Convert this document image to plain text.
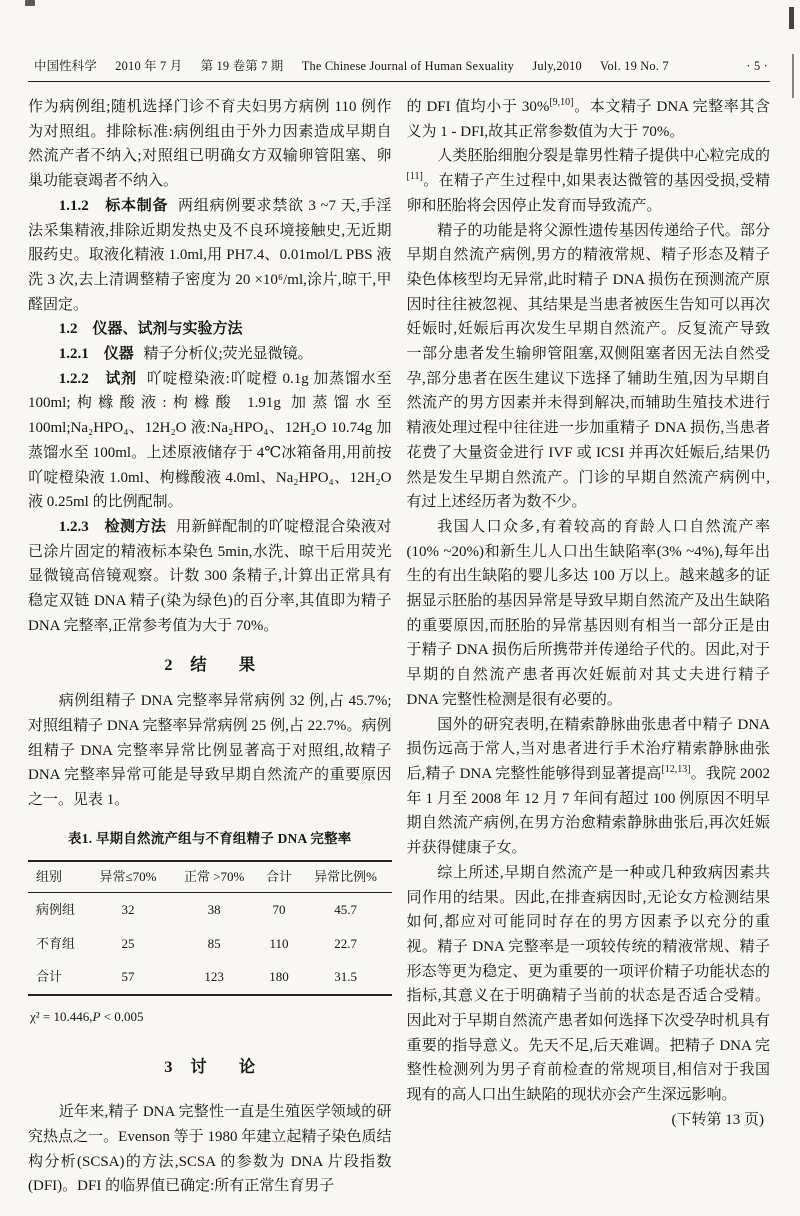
中国性科学 2010 年 7 月 第 19 卷第 7 期 The Chinese Journal of Human Sexuality July,2010 Vol. 19 No. 7	· 5 ·

作为病例组;随机选择门诊不育夫妇男方病例 110 例作为对照组。排除标准:病例组由于外力因素造成早期自然流产者不纳入;对照组已明确女方双输卵管阻塞、卵巢功能衰竭者不纳入。

1.1.2　标本制备 两组病例要求禁欲 3 ~7 天,手淫法采集精液,排除近期发热史及不良环境接触史,无近期服药史。取液化精液 1.0ml,用 PH7.4、0.01mol/L PBS 液洗 3 次,去上清调整精子密度为 20 ×10⁶/ml,涂片,晾干,甲醛固定。

1.2　仪器、试剂与实验方法

1.2.1　仪器 精子分析仪;荧光显微镜。

1.2.2　试剂 吖啶橙染液:吖啶橙 0.1g 加蒸馏水至 100ml;枸橼酸液:枸橼酸 1.91g 加蒸馏水至 100ml;Na₂HPO₄、12H₂O 液:Na₂HPO₄、12H₂O 10.74g 加蒸馏水至 100ml。上述原液储存于 4℃冰箱备用,用前按吖啶橙染液 1.0ml、枸橼酸液 4.0ml、Na₂HPO₄、12H₂O 液 0.25ml 的比例配制。

1.2.3　检测方法 用新鲜配制的吖啶橙混合染液对已涂片固定的精液标本染色 5min,水洗、晾干后用荧光显微镜高倍镜观察。计数 300 条精子,计算出正常具有稳定双链 DNA 精子(染为绿色)的百分率,其值即为精子 DNA 完整率,正常参考值为大于 70%。

2 结　　果

病例组精子 DNA 完整率异常病例 32 例,占 45.7%;对照组精子 DNA 完整率异常病例 25 例,占 22.7%。病例组精子 DNA 完整率异常比例显著高于对照组,故精子 DNA 完整率异常可能是导致早期自然流产的重要原因之一。见表 1。

表1. 早期自然流产组与不育组精子 DNA 完整率
组别	异常≤70%	正常 >70%	合计	异常比例%
病例组	32	38	70	45.7
不育组	25	85	110	22.7
合计	57	123	180	31.5
χ² = 10.446,P < 0.005
3 讨　　论

近年来,精子 DNA 完整性一直是生殖医学领域的研究热点之一。Evenson 等于 1980 年建立起精子染色质结构分析(SCSA)的方法,SCSA 的参数为 DNA 片段指数(DFI)。DFI 的临界值已确定:所有正常生育男子

的 DFI 值均小于 30%[9,10]。本文精子 DNA 完整率其含义为 1 - DFI,故其正常参数值为大于 70%。

人类胚胎细胞分裂是靠男性精子提供中心粒完成的[11]。在精子产生过程中,如果表达微管的基因受损,受精卵和胚胎将会因停止发育而导致流产。

精子的功能是将父源性遗传基因传递给子代。部分早期自然流产病例,男方的精液常规、精子形态及精子染色体核型均无异常,此时精子 DNA 损伤在预测流产原因时往往被忽视、其结果是当患者被医生告知可以再次妊娠时,妊娠后再次发生早期自然流产。反复流产导致一部分患者发生输卵管阻塞,双侧阻塞者因无法自然受孕,部分患者在医生建议下选择了辅助生殖,因为早期自然流产的男方因素并未得到解决,而辅助生殖技术进行精液处理过程中往往进一步加重精子 DNA 损伤,当患者花费了大量资金进行 IVF 或 ICSI 并再次妊娠后,结果仍然是发生早期自然流产。门诊的早期自然流产病例中,有过上述经历者为数不少。

我国人口众多,有着较高的育龄人口自然流产率(10% ~20%)和新生儿人口出生缺陷率(3% ~4%),每年出生的有出生缺陷的婴儿多达 100 万以上。越来越多的证据显示胚胎的基因异常是导致早期自然流产及出生缺陷的重要原因,而胚胎的异常基因则有相当一部分正是由于精子 DNA 损伤后所携带并传递给子代的。因此,对于早期的自然流产患者再次妊娠前对其丈夫进行精子 DNA 完整性检测是很有必要的。

国外的研究表明,在精索静脉曲张患者中精子 DNA 损伤远高于常人,当对患者进行手术治疗精索静脉曲张后,精子 DNA 完整性能够得到显著提高[12,13]。我院 2002 年 1 月至 2008 年 12 月 7 年间有超过 100 例原因不明早期自然流产病例,在男方治愈精索静脉曲张后,再次妊娠并获得健康子女。

综上所述,早期自然流产是一种或几种致病因素共同作用的结果。因此,在排查病因时,无论女方检测结果如何,都应对可能同时存在的男方因素予以充分的重视。精子 DNA 完整率是一项较传统的精液常规、精子形态等更为稳定、更为重要的一项评价精子功能状态的指标,其意义在于明确精子当前的状态是否适合受精。因此对于早期自然流产患者如何选择下次受孕时机具有重要的指导意义。先天不足,后天难调。把精子 DNA 完整性检测列为男子育前检查的常规项目,相信对于我国现有的高人口出生缺陷的现状亦会产生深远影响。

(下转第 13 页)
